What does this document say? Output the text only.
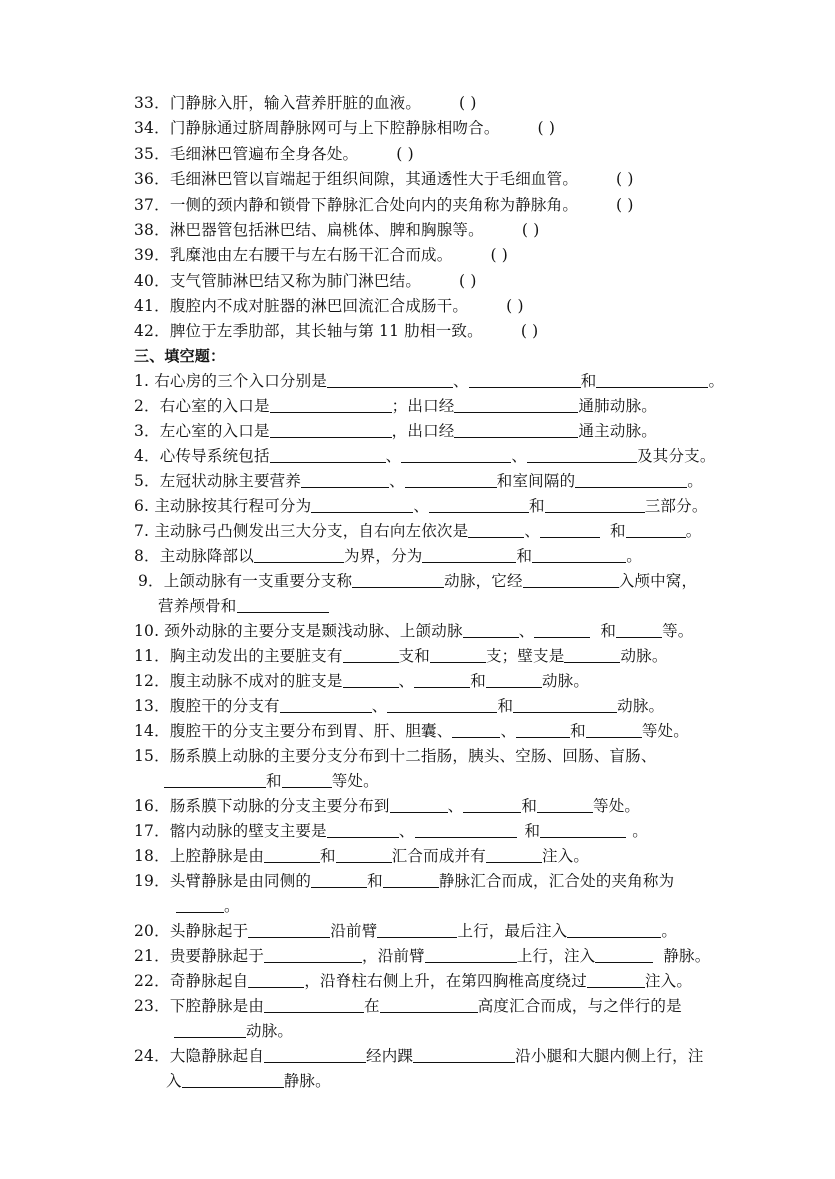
33．门静脉入肝，输入营养肝脏的血液。 ( )
34．门静脉通过脐周静脉网可与上下腔静脉相吻合。 ( )
35．毛细淋巴管遍布全身各处。 ( )
36．毛细淋巴管以盲端起于组织间隙，其通透性大于毛细血管。 ( )
37．一侧的颈内静和锁骨下静脉汇合处向内的夹角称为静脉角。 ( )
38．淋巴器管包括淋巴结、扁桃体、脾和胸腺等。 ( )
39．乳糜池由左右腰干与左右肠干汇合而成。 ( )
40．支气管肺淋巴结又称为肺门淋巴结。 ( )
41．腹腔内不成对脏器的淋巴回流汇合成肠干。 ( )
42．脾位于左季肋部，其长轴与第 11 肋相一致。 ( )
三、填空题：
1. 右心房的三个入口分别是	、	和	。
2．右心室的入口是	；出口经	通肺动脉。
3．左心室的入口是	，出口经	通主动脉。
4．心传导系统包括	、	、	及其分支。
5．左冠状动脉主要营养	、	和室间隔的	。
6. 主动脉按其行程可分为	、	和	三部分。
7. 主动脉弓凸侧发出三大分支，自右向左依次是	、	和	。
8．主动脉降部以	为界，分为	和	。
9．上颌动脉有一支重要分支称	动脉，它经	入颅中窝，
营养颅骨和
10. 颈外动脉的主要分支是颞浅动脉、上颌动脉	、	和	等。
11．胸主动发出的主要脏支有	支和	支；壁支是	动脉。
12．腹主动脉不成对的脏支是	、	和	动脉。
13．腹腔干的分支有	、	和	动脉。
14．腹腔干的分支主要分布到胃、肝、胆囊、	、	和	等处。
15．肠系膜上动脉的主要分支分布到十二指肠，胰头、空肠、回肠、盲肠、
和	等处。
16．肠系膜下动脉的分支主要分布到	、	和	等处。
17．髂内动脉的壁支主要是	、	和	。
18．上腔静脉是由	和	汇合而成并有	注入。
19．头臂静脉是由同侧的	和	静脉汇合而成，汇合处的夹角称为
。
20．头静脉起于	沿前臂	上行，最后注入	。
21．贵要静脉起于	，沿前臂	上行，注入	静脉。
22．奇静脉起自	，沿脊柱右侧上升，在第四胸椎高度绕过	注入。
23．下腔静脉是由	在	高度汇合而成，与之伴行的是
动脉。
24．大隐静脉起自	经内踝	沿小腿和大腿内侧上行，注
入	静脉。
